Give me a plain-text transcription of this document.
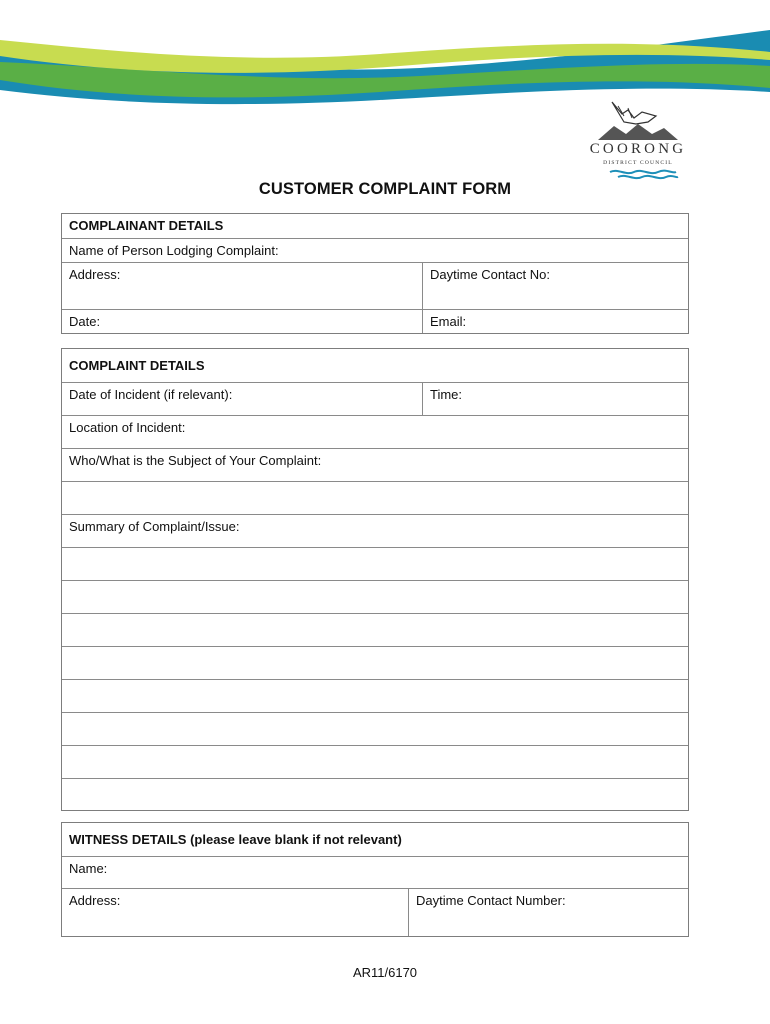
COORONG
DISTRICT COUNCIL
CUSTOMER COMPLAINT FORM
COMPLAINANT DETAILS
Name of Person Lodging Complaint:
Address:	Daytime Contact No:
Date:	Email:
COMPLAINT DETAILS
Date of Incident (if relevant):	Time:
Location of Incident:
Who/What is the Subject of Your Complaint:
Summary of Complaint/Issue:
WITNESS DETAILS (please leave blank if not relevant)
Name:
Address:	Daytime Contact Number:
AR11/6170
